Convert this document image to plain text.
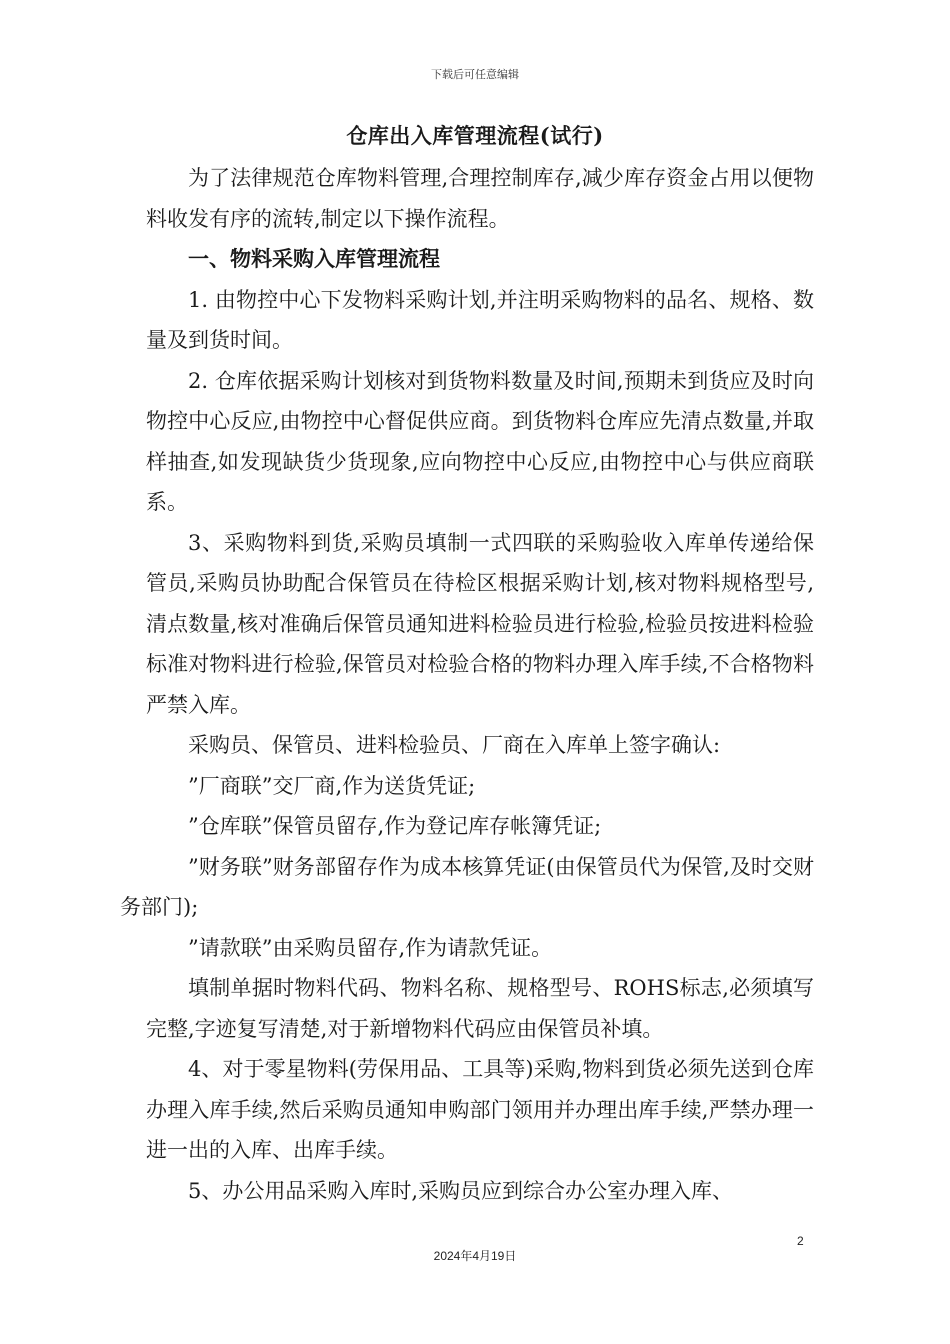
下载后可任意编辑
仓库出入库管理流程(试行)

为了法律规范仓库物料管理,合理控制库存,减少库存资金占用以便物料收发有序的流转,制定以下操作流程。

一、物料采购入库管理流程

1. 由物控中心下发物料采购计划,并注明采购物料的品名、规格、数量及到货时间。

2. 仓库依据采购计划核对到货物料数量及时间,预期未到货应及时向物控中心反应,由物控中心督促供应商。到货物料仓库应先清点数量,并取样抽查,如发现缺货少货现象,应向物控中心反应,由物控中心与供应商联系。

3、采购物料到货,采购员填制一式四联的采购验收入库单传递给保管员,采购员协助配合保管员在待检区根据采购计划,核对物料规格型号,清点数量,核对准确后保管员通知进料检验员进行检验,检验员按进料检验标准对物料进行检验,保管员对检验合格的物料办理入库手续,不合格物料严禁入库。

采购员、保管员、进料检验员、厂商在入库单上签字确认:

”厂商联”交厂商,作为送货凭证;

”仓库联”保管员留存,作为登记库存帐簿凭证;

”财务联”财务部留存作为成本核算凭证(由保管员代为保管,及时交财务部门);

”请款联”由采购员留存,作为请款凭证。

填制单据时物料代码、物料名称、规格型号、ROHS标志,必须填写完整,字迹复写清楚,对于新增物料代码应由保管员补填。

4、对于零星物料(劳保用品、工具等)采购,物料到货必须先送到仓库办理入库手续,然后采购员通知申购部门领用并办理出库手续,严禁办理一进一出的入库、出库手续。

5、办公用品采购入库时,采购员应到综合办公室办理入库、

2
2024年4月19日
